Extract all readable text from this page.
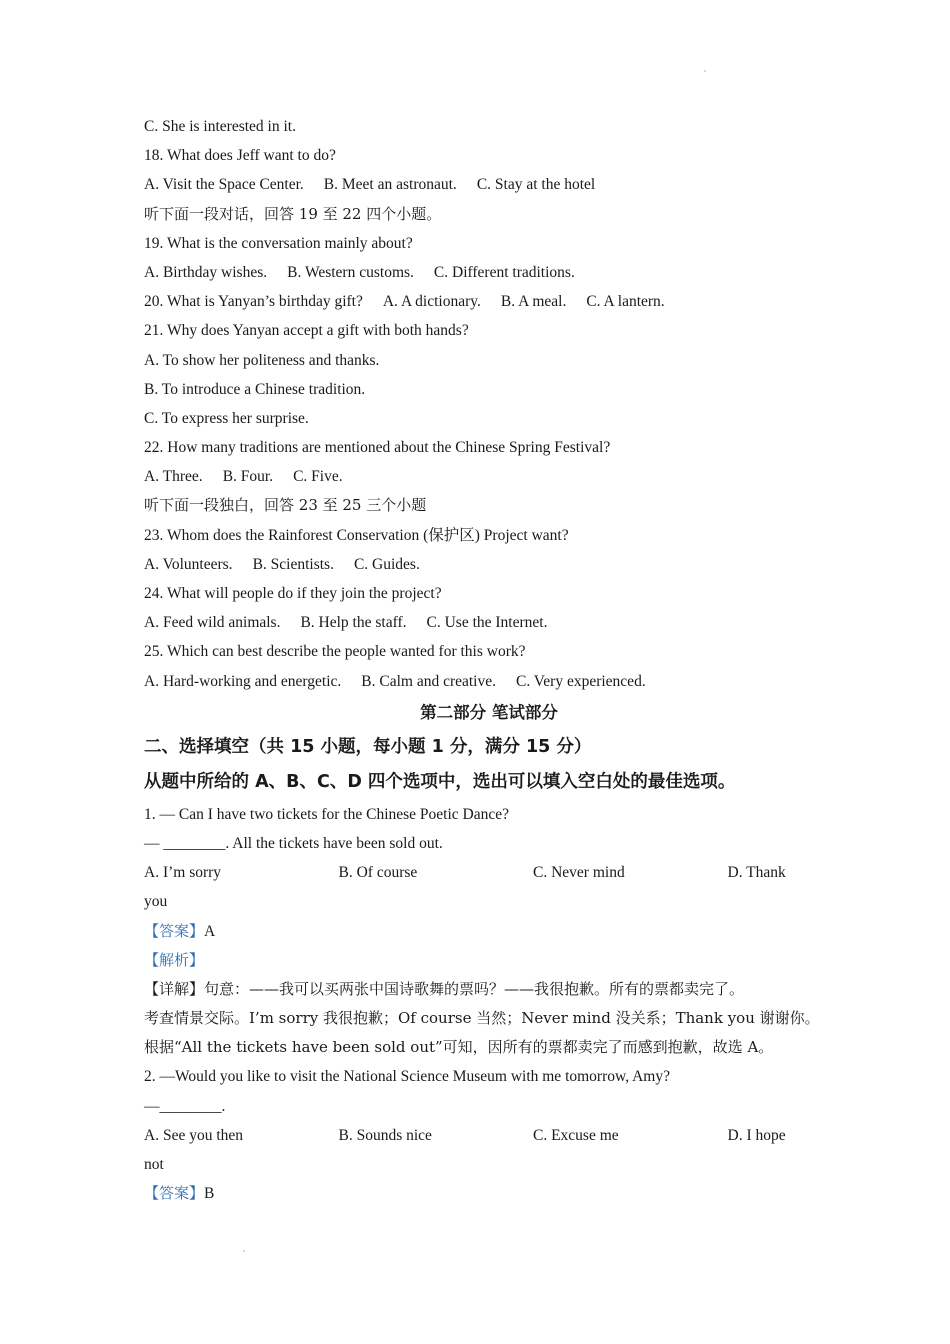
C. She is interested in it.
18. What does Jeff want to do?
A. Visit the Space Center. B. Meet an astronaut. C. Stay at the hotel
听下面一段对话，回答 19 至 22 四个小题。
19. What is the conversation mainly about?
A. Birthday wishes. B. Western customs. C. Different traditions.
20. What is Yanyan’s birthday gift? A. A dictionary. B. A meal. C. A lantern.
21. Why does Yanyan accept a gift with both hands?
A. To show her politeness and thanks.
B. To introduce a Chinese tradition.
C. To express her surprise.
22. How many traditions are mentioned about the Chinese Spring Festival?
A. Three. B. Four. C. Five.
听下面一段独白，回答 23 至 25 三个小题
23. Whom does the Rainforest Conservation (保护区) Project want?
A. Volunteers. B. Scientists. C. Guides.
24. What will people do if they join the project?
A. Feed wild animals. B. Help the staff. C. Use the Internet.
25. Which can best describe the people wanted for this work?
A. Hard-working and energetic. B. Calm and creative. C. Very experienced.
第二部分 笔试部分
二、选择填空（共 15 小题，每小题 1 分，满分 15 分）
从题中所给的 A、B、C、D 四个选项中，选出可以填入空白处的最佳选项。
1. — Can I have two tickets for the Chinese Poetic Dance?
— ________. All the tickets have been sold out.
A. I’m sorry	B. Of course	C. Never mind	D. Thank
you
【答案】A
【解析】
【详解】句意：——我可以买两张中国诗歌舞的票吗？——我很抱歉。所有的票都卖完了。
考查情景交际。I’m sorry 我很抱歉；Of course 当然；Never mind 没关系；Thank you 谢谢你。
根据“All the tickets have been sold out”可知，因所有的票都卖完了而感到抱歉，故选 A。
2. —Would you like to visit the National Science Museum with me tomorrow, Amy?
—________.
A. See you then	B. Sounds nice	C. Excuse me	D. I hope
not
【答案】B
